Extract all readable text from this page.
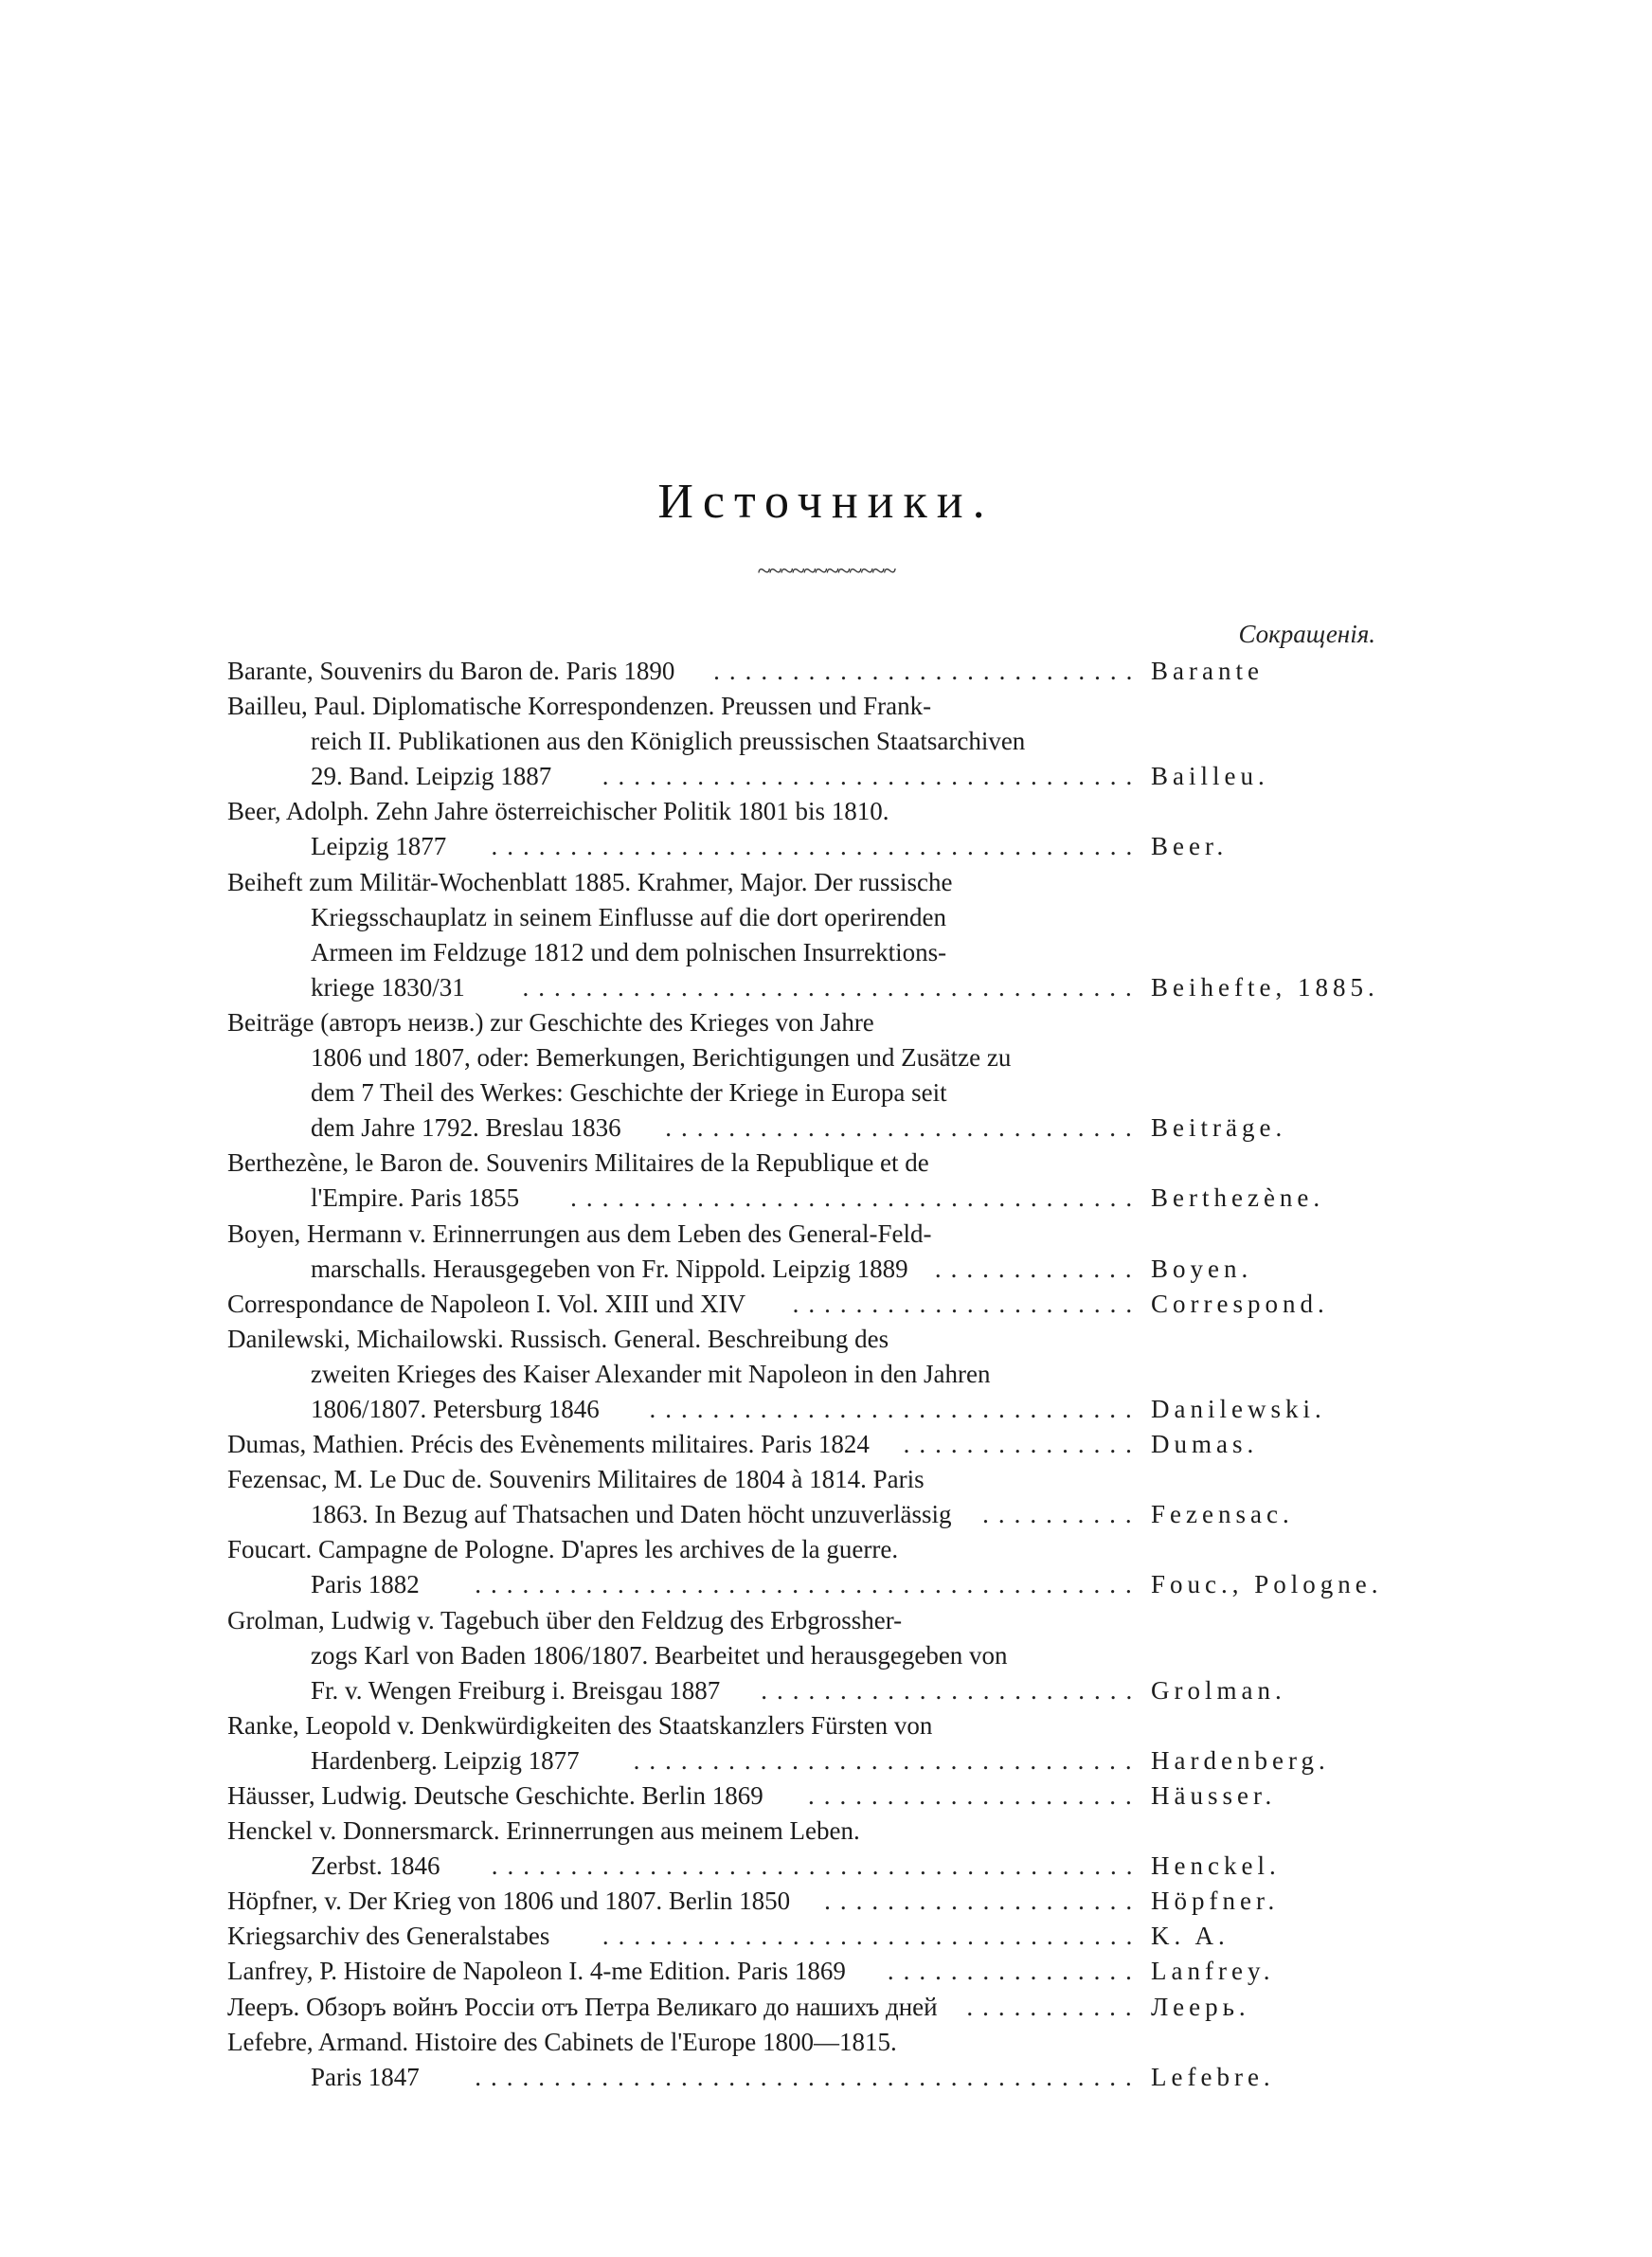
Источники.
~~~~~~~~~~~~
Сокращенія.
Barante, Souvenirs du Baron de. Paris 1890	........................... Barante
Bailleu, Paul. Diplomatische Korrespondenzen. Preussen und Frank-
reich II. Publikationen aus den Königlich preussischen Staatsarchiven
29. Band. Leipzig 1887	.................................. Bailleu.
Beer, Adolph. Zehn Jahre österreichischer Politik 1801 bis 1810.
Leipzig 1877	......................................... Beer.
Beiheft zum Militär-Wochenblatt 1885. Krahmer, Major. Der russische
Kriegsschauplatz in seinem Einflusse auf die dort operirenden
Armeen im Feldzuge 1812 und dem polnischen Insurrektions-
kriege 1830/31	....................................... Beihefte, 1885.
Beiträge (авторъ неизв.) zur Geschichte des Krieges von Jahre
1806 und 1807, oder: Bemerkungen, Berichtigungen und Zusätze zu
dem 7 Theil des Werkes: Geschichte der Kriege in Europa seit
dem Jahre 1792. Breslau 1836	.............................. Beiträge.
Berthezène, le Baron de. Souvenirs Militaires de la Republique et de
l'Empire. Paris 1855	.................................... Berthezène.
Boyen, Hermann v. Erinnerrungen aus dem Leben des General-Feld-
marschalls. Herausgegeben von Fr. Nippold. Leipzig 1889	............. Boyen.
Correspondance de Napoleon I. Vol. XIII und XIV	...................... Correspond.
Danilewski, Michailowski. Russisch. General. Beschreibung des
zweiten Krieges des Kaiser Alexander mit Napoleon in den Jahren
1806/1807. Petersburg 1846	............................... Danilewski.
Dumas, Mathien. Précis des Evènements militaires. Paris 1824	............... Dumas.
Fezensac, M. Le Duc de. Souvenirs Militaires de 1804 à 1814. Paris
1863. In Bezug auf Thatsachen und Daten höcht unzuverlässig	.......... Fezensac.
Foucart. Campagne de Pologne. D'apres les archives de la guerre.
Paris 1882	.......................................... Fouc., Pologne.
Grolman, Ludwig v. Tagebuch über den Feldzug des Erbgrossher-
zogs Karl von Baden 1806/1807. Bearbeitet und herausgegeben von
Fr. v. Wengen Freiburg i. Breisgau 1887	........................ Grolman.
Ranke, Leopold v. Denkwürdigkeiten des Staatskanzlers Fürsten von
Hardenberg. Leipzig 1877	................................ Hardenberg.
Häusser, Ludwig. Deutsche Geschichte. Berlin 1869	..................... Häusser.
Henckel v. Donnersmarck. Erinnerrungen aus meinem Leben.
Zerbst. 1846	......................................... Henckel.
Höpfner, v. Der Krieg von 1806 und 1807. Berlin 1850	.................... Höpfner.
Kriegsarchiv des Generalstabes	.................................. K. A.
Lanfrey, P. Histoire de Napoleon I. 4-me Edition. Paris 1869	................ Lanfrey.
Лееръ. Обзоръ войнъ Россіи отъ Петра Великаго до нашихъ дней	........... Леерь.
Lefebre, Armand. Histoire des Cabinets de l'Europe 1800—1815.
Paris 1847	.......................................... Lefebre.
